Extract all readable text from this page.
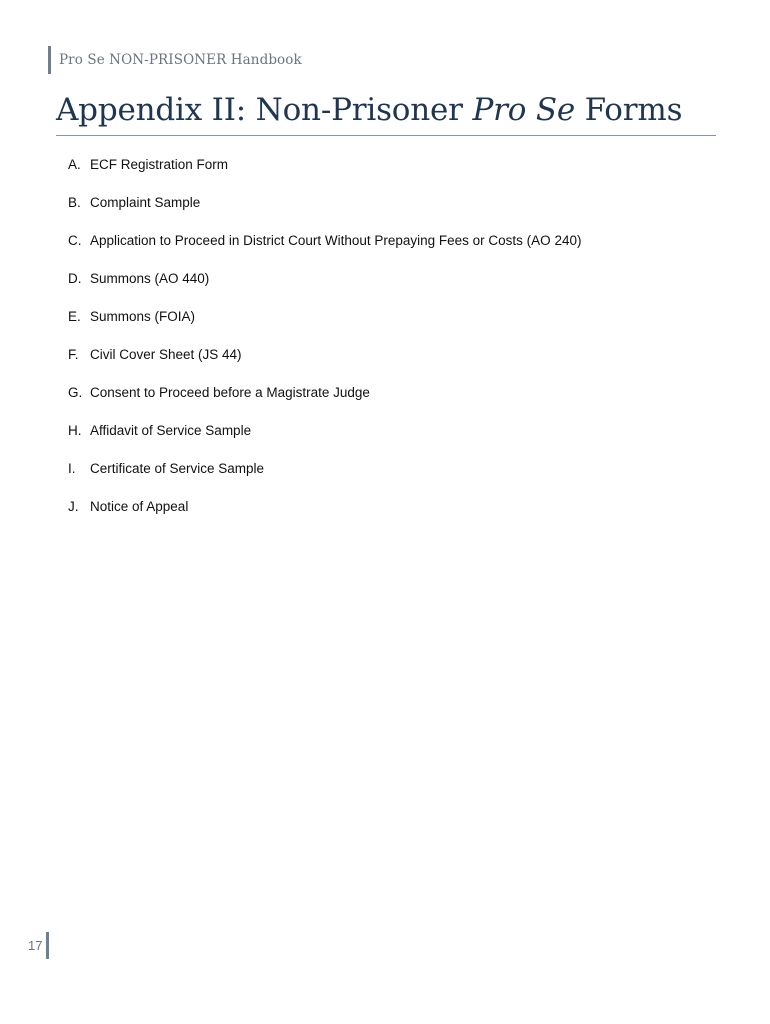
Pro Se NON-PRISONER Handbook
Appendix II: Non-Prisoner Pro Se Forms
A. ECF Registration Form
B. Complaint Sample
C. Application to Proceed in District Court Without Prepaying Fees or Costs (AO 240)
D. Summons (AO 440)
E. Summons (FOIA)
F. Civil Cover Sheet (JS 44)
G. Consent to Proceed before a Magistrate Judge
H. Affidavit of Service Sample
I.	Certificate of Service Sample
J. Notice of Appeal
17
